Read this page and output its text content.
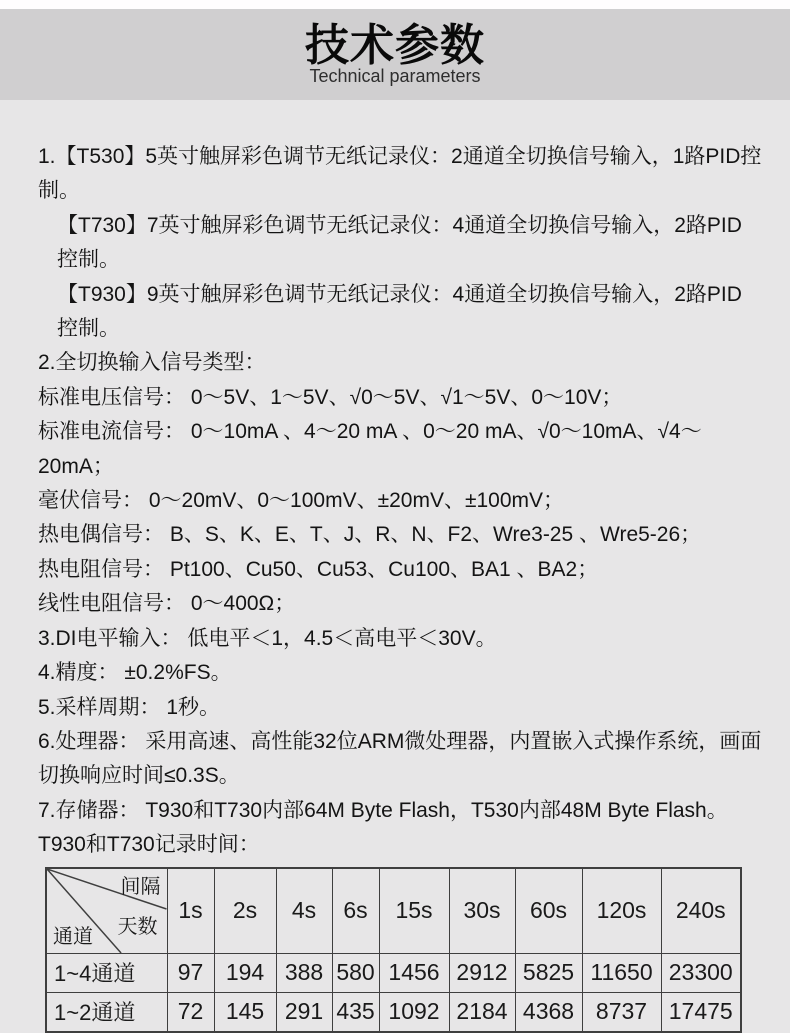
技术参数
Technical parameters

1.【T530】5英寸触屏彩色调节无纸记录仪：2通道全切换信号输入，1路PID控制。

【T730】7英寸触屏彩色调节无纸记录仪：4通道全切换信号输入，2路PID控制。

【T930】9英寸触屏彩色调节无纸记录仪：4通道全切换信号输入，2路PID控制。

2.全切换输入信号类型：

标准电压信号： 0～5V、1～5V、√0～5V、√1～5V、0～10V；

标准电流信号： 0～10mA 、4～20 mA 、0～20 mA、√0～10mA、√4～20mA；

毫伏信号： 0～20mV、0～100mV、±20mV、±100mV；

热电偶信号： B、S、K、E、T、J、R、N、F2、Wre3-25 、Wre5-26；

热电阻信号： Pt100、Cu50、Cu53、Cu100、BA1 、BA2；

线性电阻信号： 0～400Ω；

3.DI电平输入： 低电平＜1，4.5＜高电平＜30V。

4.精度： ±0.2%FS。

5.采样周期： 1秒。

6.处理器： 采用高速、高性能32位ARM微处理器，内置嵌入式操作系统，画面切换响应时间≤0.3S。

7.存储器： T930和T730内部64M Byte Flash，T530内部48M Byte Flash。

T930和T730记录时间：

间隔
天数
通道	1s	2s	4s	6s	15s	30s	60s	120s	240s
1~4通道	97	194	388	580	1456	2912	5825	11650	23300
1~2通道	72	145	291	435	1092	2184	4368	8737	17475
